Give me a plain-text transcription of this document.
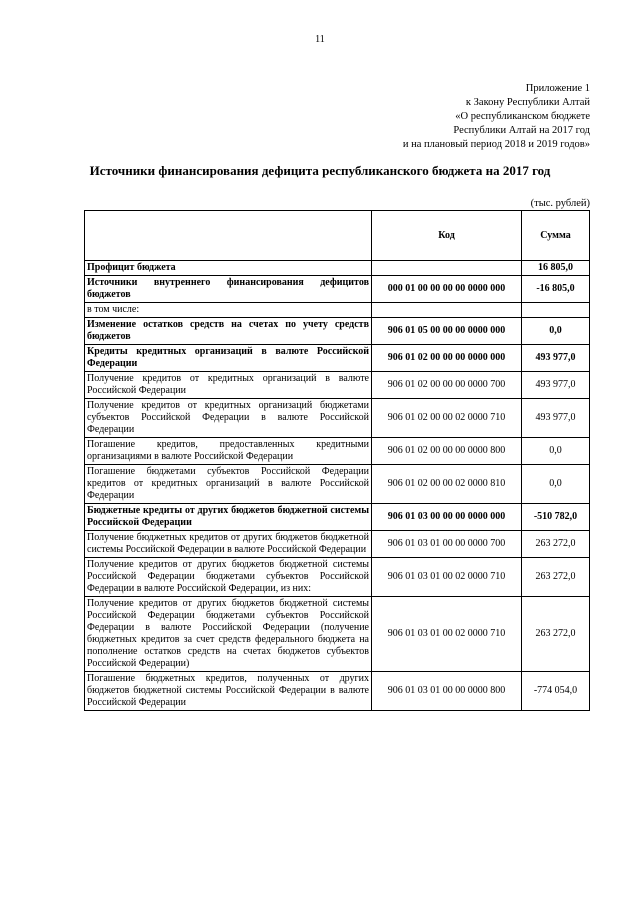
11
Приложение 1
к Закону Республики Алтай
«О республиканском бюджете
Республики Алтай на 2017 год
и на плановый период 2018 и 2019 годов»
Источники финансирования дефицита республиканского бюджета на 2017 год
(тыс. рублей)
	Код	Сумма
Профицит бюджета		16 805,0
Источники внутреннего финансирования дефицитов бюджетов	000 01 00 00 00 00 0000 000	-16 805,0
в том числе:		
Изменение остатков средств на счетах по учету средств бюджетов	906 01 05 00 00 00 0000 000	0,0
Кредиты кредитных организаций в валюте Российской Федерации	906 01 02 00 00 00 0000 000	493 977,0
Получение кредитов от кредитных организаций в валюте Российской Федерации	906 01 02 00 00 00 0000 700	493 977,0
Получение кредитов от кредитных организаций бюджетами субъектов Российской Федерации в валюте Российской Федерации	906 01 02 00 00 02 0000 710	493 977,0
Погашение кредитов, предоставленных кредитными организациями в валюте Российской Федерации	906 01 02 00 00 00 0000 800	0,0
Погашение бюджетами субъектов Российской Федерации кредитов от кредитных организаций в валюте Российской Федерации	906 01 02 00 00 02 0000 810	0,0
Бюджетные кредиты от других бюджетов бюджетной системы Российской Федерации	906 01 03 00 00 00 0000 000	-510 782,0
Получение бюджетных кредитов от других бюджетов бюджетной системы Российской Федерации в валюте Российской Федерации	906 01 03 01 00 00 0000 700	263 272,0
Получение кредитов от других бюджетов бюджетной системы Российской Федерации бюджетами субъектов Российской Федерации в валюте Российской Федерации, из них:	906 01 03 01 00 02 0000 710	263 272,0
Получение кредитов от других бюджетов бюджетной системы Российской Федерации бюджетами субъектов Российской Федерации в валюте Российской Федерации (получение бюджетных кредитов за счет средств федерального бюджета на пополнение остатков средств на счетах бюджетов субъектов Российской Федерации)	906 01 03 01 00 02 0000 710	263 272,0
Погашение бюджетных кредитов, полученных от других бюджетов бюджетной системы Российской Федерации в валюте Российской Федерации	906 01 03 01 00 00 0000 800	-774 054,0
